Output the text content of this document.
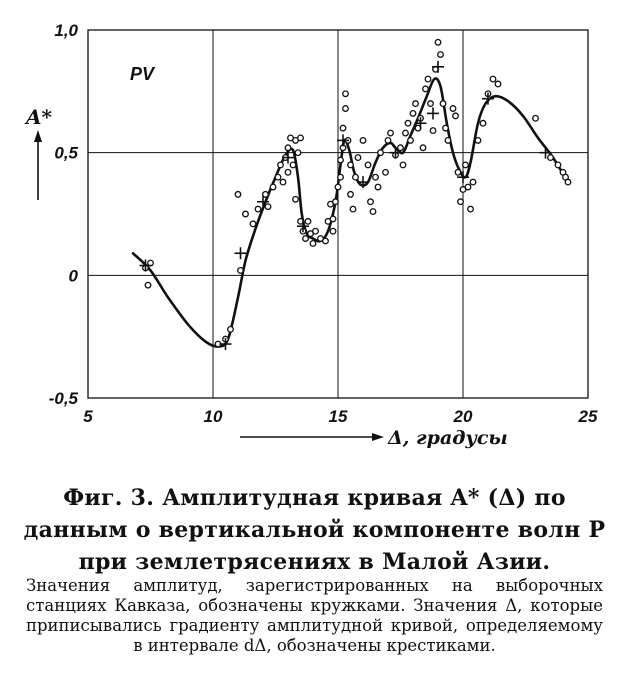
-0,5
0
0,5
1,0
5	10	15	20	25
A*
Δ, градусы
PV
Фиг. 3. Амплитудная кривая A* (Δ) по данным о вертикальной компоненте волн P при землетрясениях в Малой Азии.
Значения амплитуд, зарегистрированных на выборочных станциях Кавказа, обозначены кружками. Значения Δ, которые приписывались градиенту амплитудной кривой, определяемому в интервале dΔ, обозначены крестиками.
